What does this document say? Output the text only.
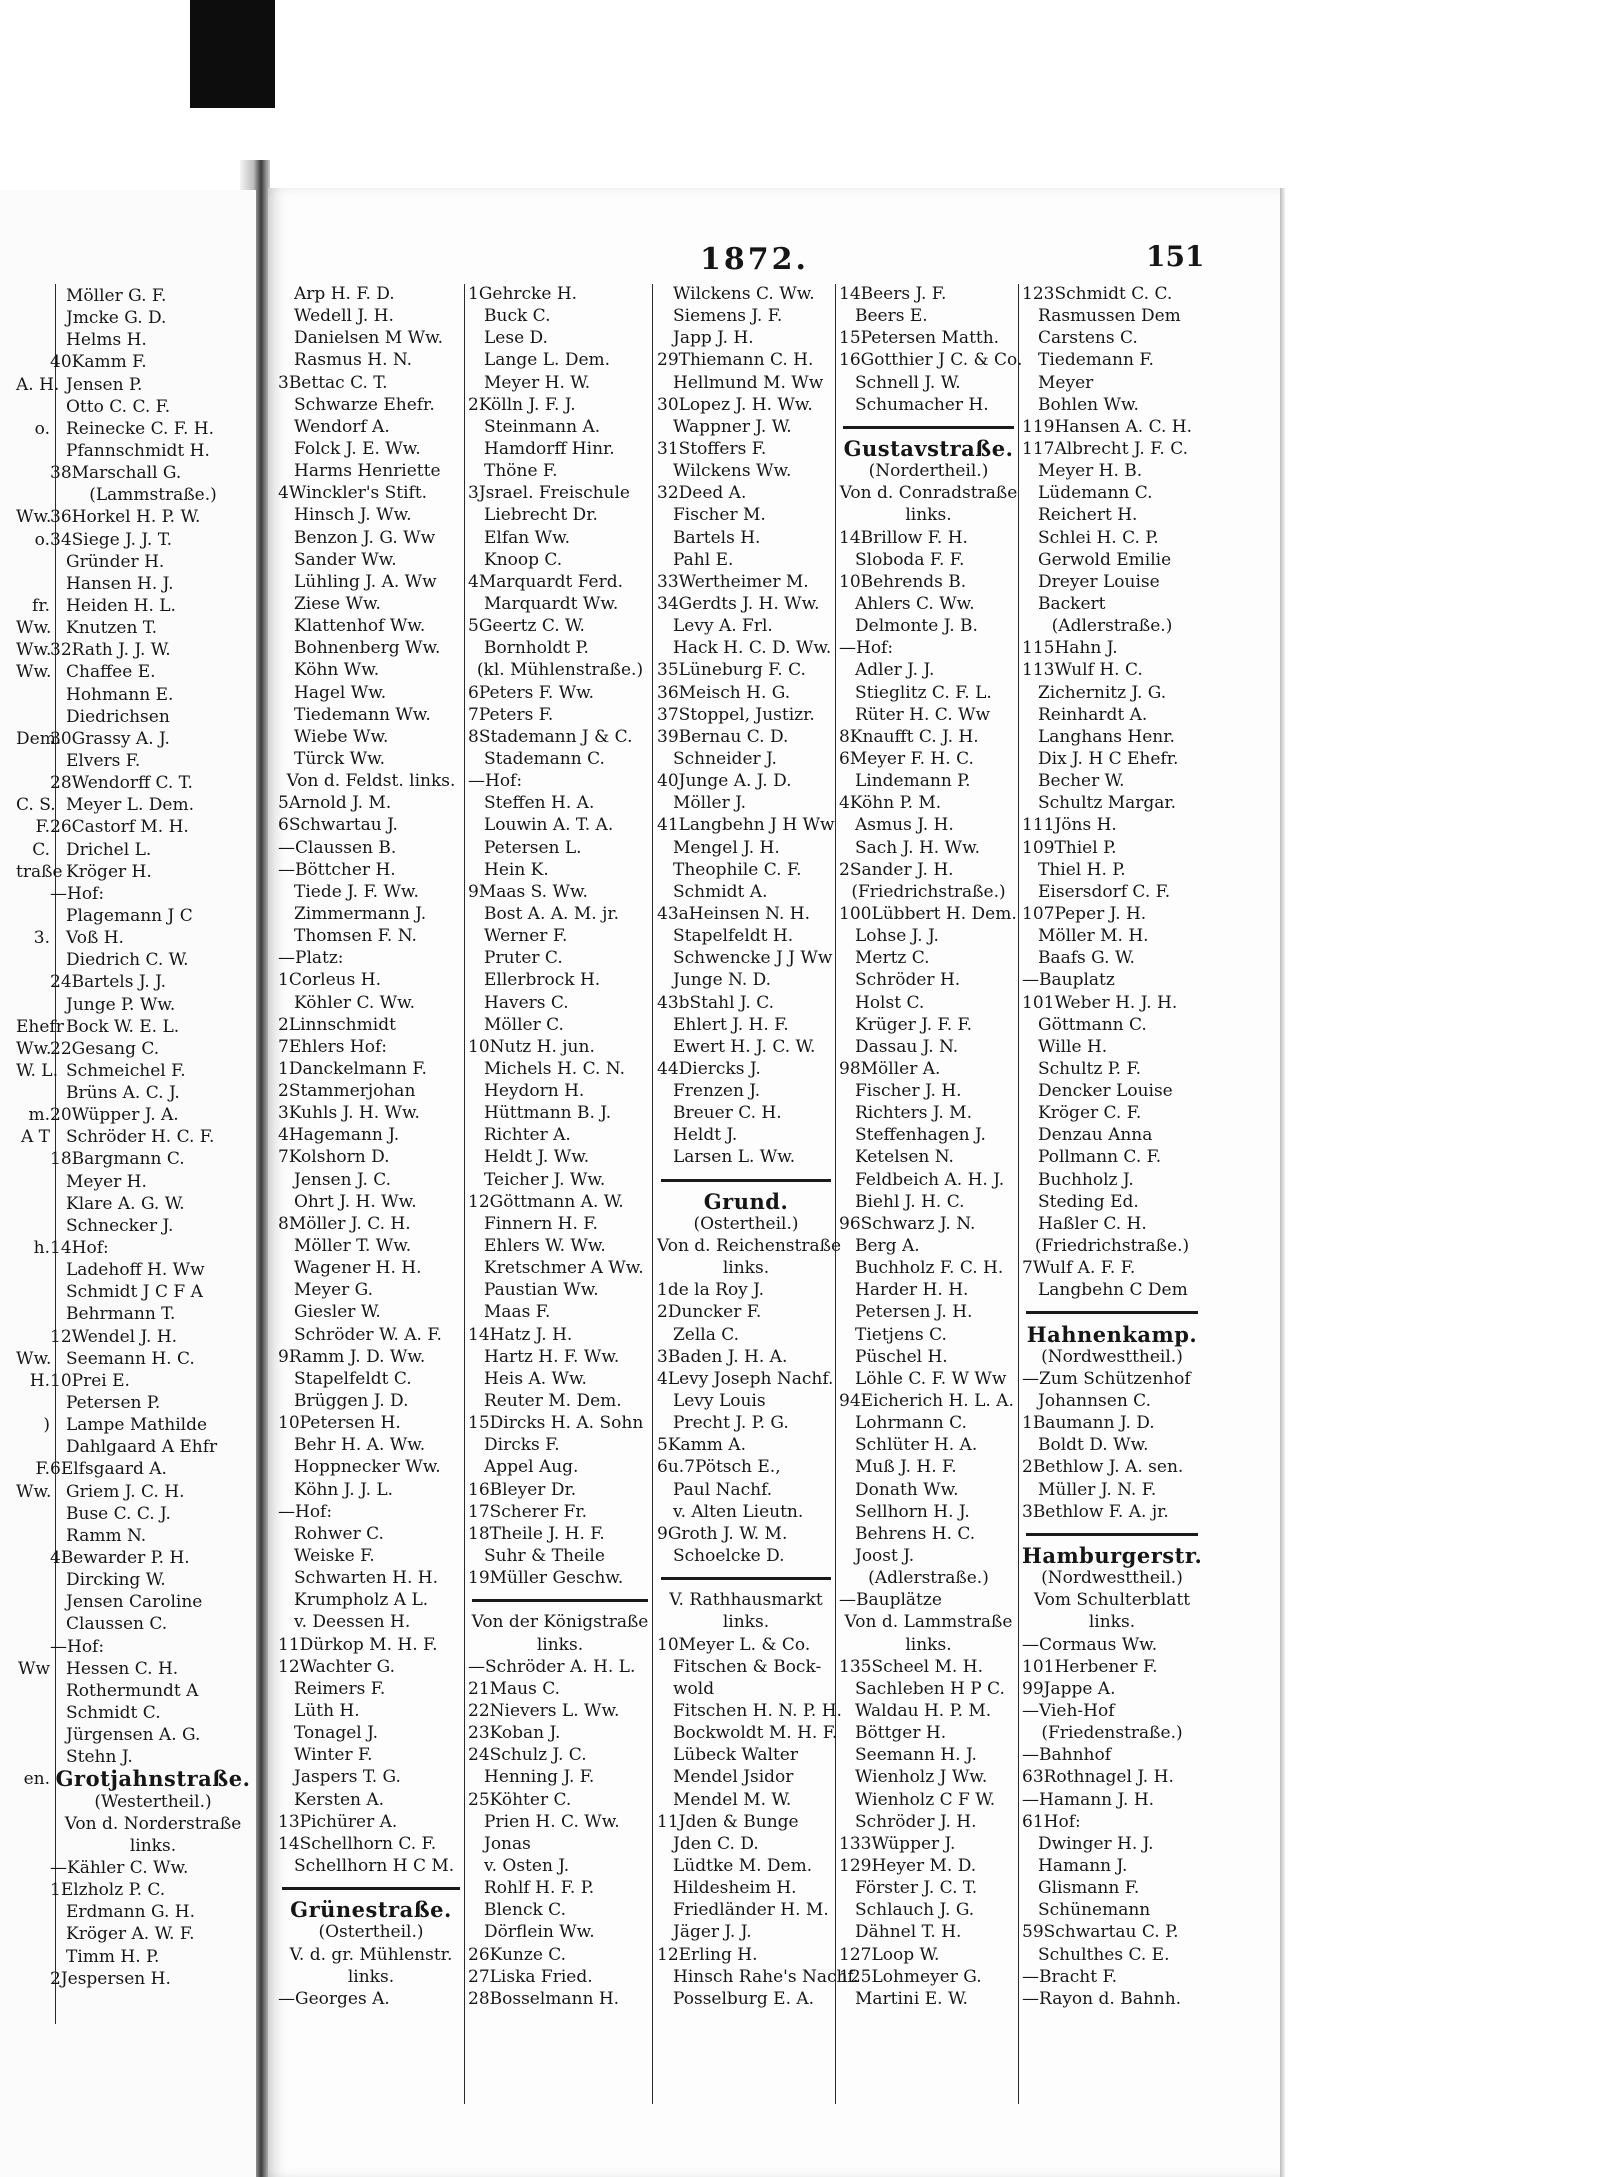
A. H.
o.
Ww.
o.
fr.
Ww.
Ww.
Ww.
Dem.
C. S.
F.
C.
traße
3.
Ehefr
Ww.
W. L.
m.
A T
h.
Ww.
H.
)
F.
Ww.
Ww
en.
Möller G. F.
Jmcke G. D.
Helms H.
40Kamm F.
Jensen P.
Otto C. C. F.
Reinecke C. F. H.
Pfannschmidt H.
38Marschall G.
(Lammstraße.)
36Horkel H. P. W.
34Siege J. J. T.
Gründer H.
Hansen H. J.
Heiden H. L.
Knutzen T.
32Rath J. J. W.
Chaffee E.
Hohmann E.
Diedrichsen
30Grassy A. J.
Elvers F.
28Wendorff C. T.
Meyer L. Dem.
26Castorf M. H.
Drichel L.
Kröger H.
—Hof:
Plagemann J C
Voß H.
Diedrich C. W.
24Bartels J. J.
Junge P. Ww.
Bock W. E. L.
22Gesang C.
Schmeichel F.
Brüns A. C. J.
20Wüpper J. A.
Schröder H. C. F.
18Bargmann C.
Meyer H.
Klare A. G. W.
Schnecker J.
14Hof:
Ladehoff H. Ww
Schmidt J C F A
Behrmann T.
12Wendel J. H.
Seemann H. C.
10Prei E.
Petersen P.
Lampe Mathilde
Dahlgaard A Ehfr
6Elfsgaard A.
Griem J. C. H.
Buse C. C. J.
Ramm N.
4Bewarder P. H.
Dircking W.
Jensen Caroline
Claussen C.
—Hof:
Hessen C. H.
Rothermundt A
Schmidt C.
Jürgensen A. G.
Stehn J.
Grotjahnstraße.
(Westertheil.)
Von d. Norderstraße
links.
—Kähler C. Ww.
1Elzholz P. C.
Erdmann G. H.
Kröger A. W. F.
Timm H. P.
2Jespersen H.
1872.	151
Arp H. F. D.
Wedell J. H.
Danielsen M Ww.
Rasmus H. N.
3Bettac C. T.
Schwarze Ehefr.
Wendorf A.
Folck J. E. Ww.
Harms Henriette
4Winckler's Stift.
Hinsch J. Ww.
Benzon J. G. Ww
Sander Ww.
Lühling J. A. Ww
Ziese Ww.
Klattenhof Ww.
Bohnenberg Ww.
Köhn Ww.
Hagel Ww.
Tiedemann Ww.
Wiebe Ww.
Türck Ww.
Von d. Feldst. links.
5Arnold J. M.
6Schwartau J.
—Claussen B.
—Böttcher H.
Tiede J. F. Ww.
Zimmermann J.
Thomsen F. N.
—Platz:
1Corleus H.
Köhler C. Ww.
2Linnschmidt
7Ehlers Hof:
1Danckelmann F.
2Stammerjohan
3Kuhls J. H. Ww.
4Hagemann J.
7Kolshorn D.
Jensen J. C.
Ohrt J. H. Ww.
8Möller J. C. H.
Möller T. Ww.
Wagener H. H.
Meyer G.
Giesler W.
Schröder W. A. F.
9Ramm J. D. Ww.
Stapelfeldt C.
Brüggen J. D.
10Petersen H.
Behr H. A. Ww.
Hoppnecker Ww.
Köhn J. J. L.
—Hof:
Rohwer C.
Weiske F.
Schwarten H. H.
Krumpholz A L.
v. Deessen H.
11Dürkop M. H. F.
12Wachter G.
Reimers F.
Lüth H.
Tonagel J.
Winter F.
Jaspers T. G.
Kersten A.
13Pichürer A.
14Schellhorn C. F.
Schellhorn H C M.
Grünestraße.
(Ostertheil.)
V. d. gr. Mühlenstr.
links.
—Georges A.
1Gehrcke H.
Buck C.
Lese D.
Lange L. Dem.
Meyer H. W.
2Kölln J. F. J.
Steinmann A.
Hamdorff Hinr.
Thöne F.
3Jsrael. Freischule
Liebrecht Dr.
Elfan Ww.
Knoop C.
4Marquardt Ferd.
Marquardt Ww.
5Geertz C. W.
Bornholdt P.
(kl. Mühlenstraße.)
6Peters F. Ww.
7Peters F.
8Stademann J & C.
Stademann C.
—Hof:
Steffen H. A.
Louwin A. T. A.
Petersen L.
Hein K.
9Maas S. Ww.
Bost A. A. M. jr.
Werner F.
Pruter C.
Ellerbrock H.
Havers C.
Möller C.
10Nutz H. jun.
Michels H. C. N.
Heydorn H.
Hüttmann B. J.
Richter A.
Heldt J. Ww.
Teicher J. Ww.
12Göttmann A. W.
Finnern H. F.
Ehlers W. Ww.
Kretschmer A Ww.
Paustian Ww.
Maas F.
14Hatz J. H.
Hartz H. F. Ww.
Heis A. Ww.
Reuter M. Dem.
15Dircks H. A. Sohn
Dircks F.
Appel Aug.
16Bleyer Dr.
17Scherer Fr.
18Theile J. H. F.
Suhr & Theile
19Müller Geschw.
Von der Königstraße
links.
—Schröder A. H. L.
21Maus C.
22Nievers L. Ww.
23Koban J.
24Schulz J. C.
Henning J. F.
25Köhter C.
Prien H. C. Ww.
Jonas
v. Osten J.
Rohlf H. F. P.
Blenck C.
Dörflein Ww.
26Kunze C.
27Liska Fried.
28Bosselmann H.
Wilckens C. Ww.
Siemens J. F.
Japp J. H.
29Thiemann C. H.
Hellmund M. Ww
30Lopez J. H. Ww.
Wappner J. W.
31Stoffers F.
Wilckens Ww.
32Deed A.
Fischer M.
Bartels H.
Pahl E.
33Wertheimer M.
34Gerdts J. H. Ww.
Levy A. Frl.
Hack H. C. D. Ww.
35Lüneburg F. C.
36Meisch H. G.
37Stoppel, Justizr.
39Bernau C. D.
Schneider J.
40Junge A. J. D.
Möller J.
41Langbehn J H Ww
Mengel J. H.
Theophile C. F.
Schmidt A.
43aHeinsen N. H.
Stapelfeldt H.
Schwencke J J Ww
Junge N. D.
43bStahl J. C.
Ehlert J. H. F.
Ewert H. J. C. W.
44Diercks J.
Frenzen J.
Breuer C. H.
Heldt J.
Larsen L. Ww.
Grund.
(Ostertheil.)
Von d. Reichenstraße
links.
1de la Roy J.
2Duncker F.
Zella C.
3Baden J. H. A.
4Levy Joseph Nachf.
Levy Louis
Precht J. P. G.
5Kamm A.
6u.7Pötsch E.,
Paul Nachf.
v. Alten Lieutn.
9Groth J. W. M.
Schoelcke D.
V. Rathhausmarkt
links.
10Meyer L. & Co.
Fitschen & Bock-
wold
Fitschen H. N. P. H.
Bockwoldt M. H. F.
Lübeck Walter
Mendel Jsidor
Mendel M. W.
11Jden & Bunge
Jden C. D.
Lüdtke M. Dem.
Hildesheim H.
Friedländer H. M.
Jäger J. J.
12Erling H.
Hinsch Rahe's Nachf.
Posselburg E. A.
14Beers J. F.
Beers E.
15Petersen Matth.
16Gotthier J C. & Co.
Schnell J. W.
Schumacher H.
Gustavstraße.
(Nordertheil.)
Von d. Conradstraße
links.
14Brillow F. H.
Sloboda F. F.
10Behrends B.
Ahlers C. Ww.
Delmonte J. B.
—Hof:
Adler J. J.
Stieglitz C. F. L.
Rüter H. C. Ww
8Knaufft C. J. H.
6Meyer F. H. C.
Lindemann P.
4Köhn P. M.
Asmus J. H.
Sach J. H. Ww.
2Sander J. H.
(Friedrichstraße.)
100Lübbert H. Dem.
Lohse J. J.
Mertz C.
Schröder H.
Holst C.
Krüger J. F. F.
Dassau J. N.
98Möller A.
Fischer J. H.
Richters J. M.
Steffenhagen J.
Ketelsen N.
Feldbeich A. H. J.
Biehl J. H. C.
96Schwarz J. N.
Berg A.
Buchholz F. C. H.
Harder H. H.
Petersen J. H.
Tietjens C.
Püschel H.
Löhle C. F. W Ww
94Eicherich H. L. A.
Lohrmann C.
Schlüter H. A.
Muß J. H. F.
Donath Ww.
Sellhorn H. J.
Behrens H. C.
Joost J.
(Adlerstraße.)
—Bauplätze
Von d. Lammstraße
links.
135Scheel M. H.
Sachleben H P C.
Waldau H. P. M.
Böttger H.
Seemann H. J.
Wienholz J Ww.
Wienholz C F W.
Schröder J. H.
133Wüpper J.
129Heyer M. D.
Förster J. C. T.
Schlauch J. G.
Dähnel T. H.
127Loop W.
125Lohmeyer G.
Martini E. W.
123Schmidt C. C.
Rasmussen Dem
Carstens C.
Tiedemann F.
Meyer
Bohlen Ww.
119Hansen A. C. H.
117Albrecht J. F. C.
Meyer H. B.
Lüdemann C.
Reichert H.
Schlei H. C. P.
Gerwold Emilie
Dreyer Louise
Backert
(Adlerstraße.)
115Hahn J.
113Wulf H. C.
Zichernitz J. G.
Reinhardt A.
Langhans Henr.
Dix J. H C Ehefr.
Becher W.
Schultz Margar.
111Jöns H.
109Thiel P.
Thiel H. P.
Eisersdorf C. F.
107Peper J. H.
Möller M. H.
Baafs G. W.
—Bauplatz
101Weber H. J. H.
Göttmann C.
Wille H.
Schultz P. F.
Dencker Louise
Kröger C. F.
Denzau Anna
Pollmann C. F.
Buchholz J.
Steding Ed.
Haßler C. H.
(Friedrichstraße.)
7Wulf A. F. F.
Langbehn C Dem
Hahnenkamp.
(Nordwesttheil.)
—Zum Schützenhof
Johannsen C.
1Baumann J. D.
Boldt D. Ww.
2Bethlow J. A. sen.
Müller J. N. F.
3Bethlow F. A. jr.
Hamburgerstr.
(Nordwesttheil.)
Vom Schulterblatt
links.
—Cormaus Ww.
101Herbener F.
99Jappe A.
—Vieh-Hof
(Friedenstraße.)
—Bahnhof
63Rothnagel J. H.
—Hamann J. H.
61Hof:
Dwinger H. J.
Hamann J.
Glismann F.
Schünemann
59Schwartau C. P.
Schulthes C. E.
—Bracht F.
—Rayon d. Bahnh.
